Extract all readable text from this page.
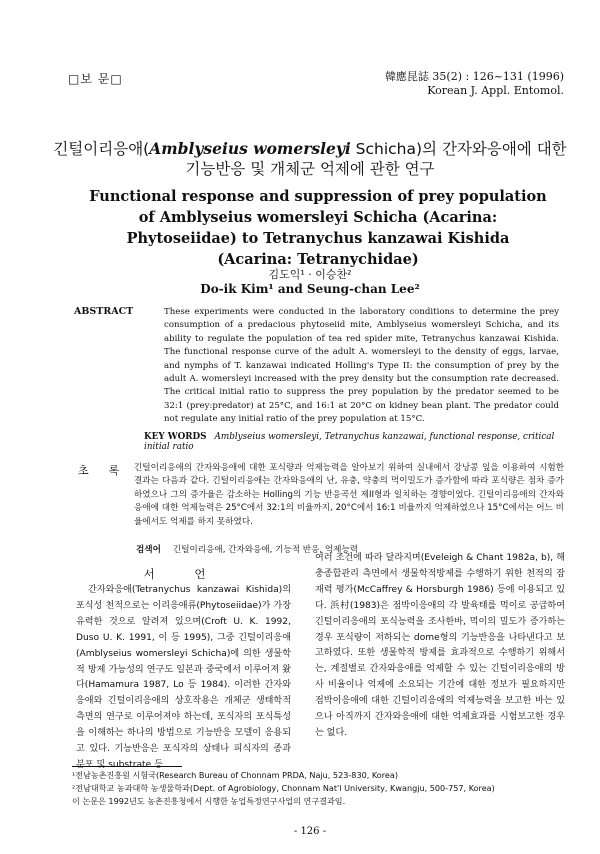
□보 문□	韓應昆誌 35(2) : 126~131 (1996)
Korean J. Appl. Entomol.
긴털이리응애(Amblyseius womersleyi Schicha)의 간자와응애에 대한
기능반응 및 개체군 억제에 관한 연구
Functional response and suppression of prey population of Amblyseius womersleyi Schicha (Acarina: Phytoseiidae) to Tetranychus kanzawai Kishida (Acarina: Tetranychidae)
김도익¹ · 이승찬²
Do-ik Kim¹ and Seung-chan Lee²
ABSTRACT	These experiments were conducted in the laboratory conditions to determine the prey consumption of a predacious phytoseiid mite, Amblyseius womersleyi Schicha, and its ability to regulate the population of tea red spider mite, Tetranychus kanzawai Kishida. The functional response curve of the adult A. womersleyi to the density of eggs, larvae, and nymphs of T. kanzawai indicated Holling's Type II: the consumption of prey by the adult A. womersleyi increased with the prey density but the consumption rate decreased. The critical initial ratio to suppress the prey population by the predator seemed to be 32:1 (prey:predator) at 25°C, and 16:1 at 20°C on kidney bean plant. The predator could not regulate any initial ratio of the prey population at 15°C.
KEY WORDS Amblyseius womersleyi, Tetranychus kanzawai, functional response, critical initial ratio
초록
긴털이리응애의 간자와응애에 대한 포식량과 억제능력을 알아보기 위하여 실내에서 강낭콩 잎을 이용하여 시험한 결과는 다음과 같다. 긴털이리응애는 간자와응애의 난, 유충, 약충의 먹이밀도가 증가함에 따라 포식량은 점차 증가하였으나 그의 증가율은 감소하는 Holling의 기능 반응곡선 제II형과 일치하는 경향이었다. 긴털이리응애의 간자와응애에 대한 억제능력은 25°C에서 32:1의 비율까지, 20°C에서 16:1 비율까지 억제하였으나 15°C에서는 어느 비율에서도 억제를 하지 못하였다.
검색어 긴털이리응애, 간자와응애, 기능적 반응, 억제능력
서 언
간자와응애(Tetranychus kanzawai Kishida)의 포식성 천적으로는 이리응애류(Phytoseiidae)가 가장 유력한 것으로 알려져 있으며(Croft U. K. 1992, Duso U. K. 1991, 이 등 1995), 그중 긴털이리응애(Amblyseius womersleyi Schicha)에 의한 생물학적 방제 가능성의 연구도 일본과 중국에서 이루어져 왔다(Hamamura 1987, Lo 등 1984). 이러한 간자와응애와 긴털이리응애의 상호작용은 개체군 생태학적 측면의 연구로 이루어져야 하는데, 포식자의 포식특성을 이해하는 하나의 방법으로 기능반응 모델이 응용되고 있다. 기능반응은 포식자의 상태나 피식자의 종과 분포 및 substrate 등
여러 조건에 따라 달라지며(Eveleigh & Chant 1982a, b), 해충종합관리 측면에서 생물학적방제를 수행하기 위한 천적의 잠재력 평가(McCaffrey & Horsburgh 1986) 등에 이용되고 있다. 浜村(1983)은 점박이응애의 각 발육태를 먹이로 공급하여 긴털이리응애의 포식능력을 조사한바, 먹이의 밀도가 증가하는 경우 포식량이 저하되는 dome형의 기능반응을 나타낸다고 보고하였다. 또한 생물학적 방제를 효과적으로 수행하기 위해서는, 계절별로 간자와응애를 억제할 수 있는 긴털이리응애의 방사 비율이나 억제에 소요되는 기간에 대한 정보가 필요하지만 점박이응애에 대한 긴털이리응애의 억제능력을 보고한 바는 있으나 아직까지 간자와응애에 대한 억제효과를 시험보고한 경우는 없다.
¹전남농촌진흥원 시험국(Research Bureau of Chonnam PRDA, Naju, 523-830, Korea)
²전남대학교 농과대학 농생물학과(Dept. of Agrobiology, Chonnam Nat'l University, Kwangju, 500-757, Korea)
이 논문은 1992년도 농촌진흥청에서 시행한 농업특정연구사업의 연구결과임.
- 126 -
